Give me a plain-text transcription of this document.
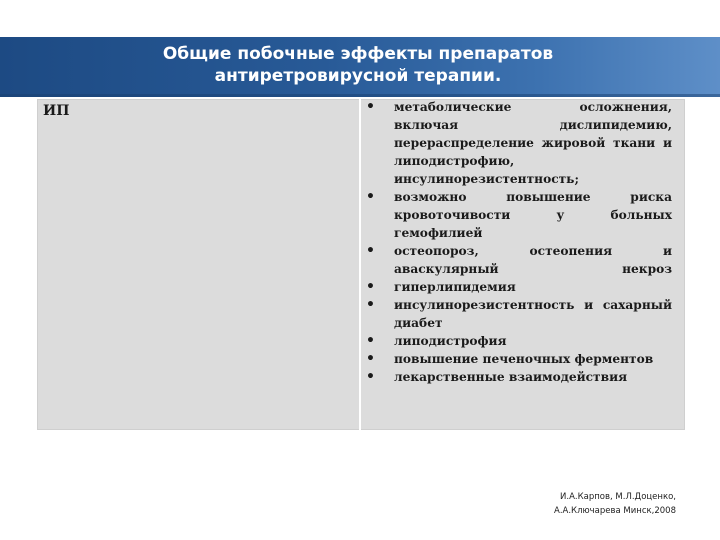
Общие побочные эффекты препаратов
антиретровирусной терапии.
ИП
•	метаболические осложнения, включая дислипидемию, перераспределение жировой ткани и липодистрофию, инсулинорезистентность;
• возможно повышение риска кровоточивости у больных гемофилией
• остеопороз, остеопения и аваскулярный некроз
• гиперлипидемия
• инсулинорезистентность и сахарный диабет
• липодистрофия
• повышение печеночных ферментов
• лекарственные взаимодействия
И.А.Карпов, М.Л.Доценко,
А.А.Ключарева Минск,2008
